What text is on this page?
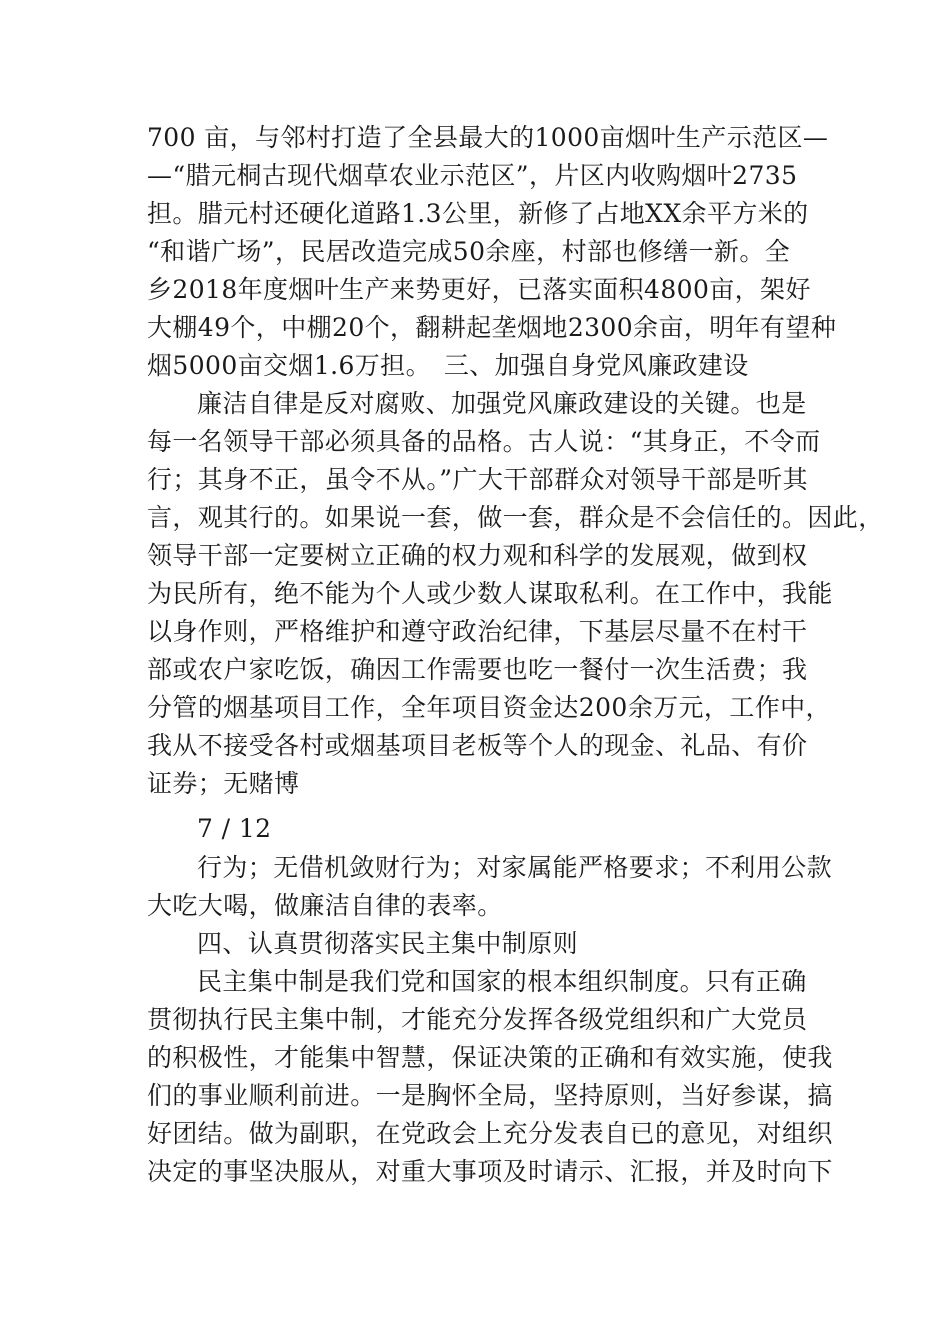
700 亩，与邻村打造了全县最大的1000亩烟叶生产示范区—
—“腊元桐古现代烟草农业示范区”，片区内收购烟叶2735
担。腊元村还硬化道路1.3公里，新修了占地XX余平方米的
“和谐广场”，民居改造完成50余座，村部也修缮一新。全
乡2018年度烟叶生产来势更好，已落实面积4800亩，架好
大棚49个，中棚20个，翻耕起垄烟地2300余亩，明年有望种
烟5000亩交烟1.6万担。　三、加强自身党风廉政建设
廉洁自律是反对腐败、加强党风廉政建设的关键。也是
每一名领导干部必须具备的品格。古人说：“其身正，不令而
行；其身不正，虽令不从。”广大干部群众对领导干部是听其
言，观其行的。如果说一套，做一套，群众是不会信任的。因此，
领导干部一定要树立正确的权力观和科学的发展观，做到权
为民所有，绝不能为个人或少数人谋取私利。在工作中，我能
以身作则，严格维护和遵守政治纪律，下基层尽量不在村干
部或农户家吃饭，确因工作需要也吃一餐付一次生活费；我
分管的烟基项目工作，全年项目资金达200余万元，工作中，
我从不接受各村或烟基项目老板等个人的现金、礼品、有价
证券；无赌博
7 / 12
行为；无借机敛财行为；对家属能严格要求；不利用公款
大吃大喝，做廉洁自律的表率。
四、认真贯彻落实民主集中制原则
民主集中制是我们党和国家的根本组织制度。只有正确
贯彻执行民主集中制，才能充分发挥各级党组织和广大党员
的积极性，才能集中智慧，保证决策的正确和有效实施，使我
们的事业顺利前进。一是胸怀全局，坚持原则，当好参谋，搞
好团结。做为副职，在党政会上充分发表自已的意见，对组织
决定的事坚决服从，对重大事项及时请示、汇报，并及时向下
